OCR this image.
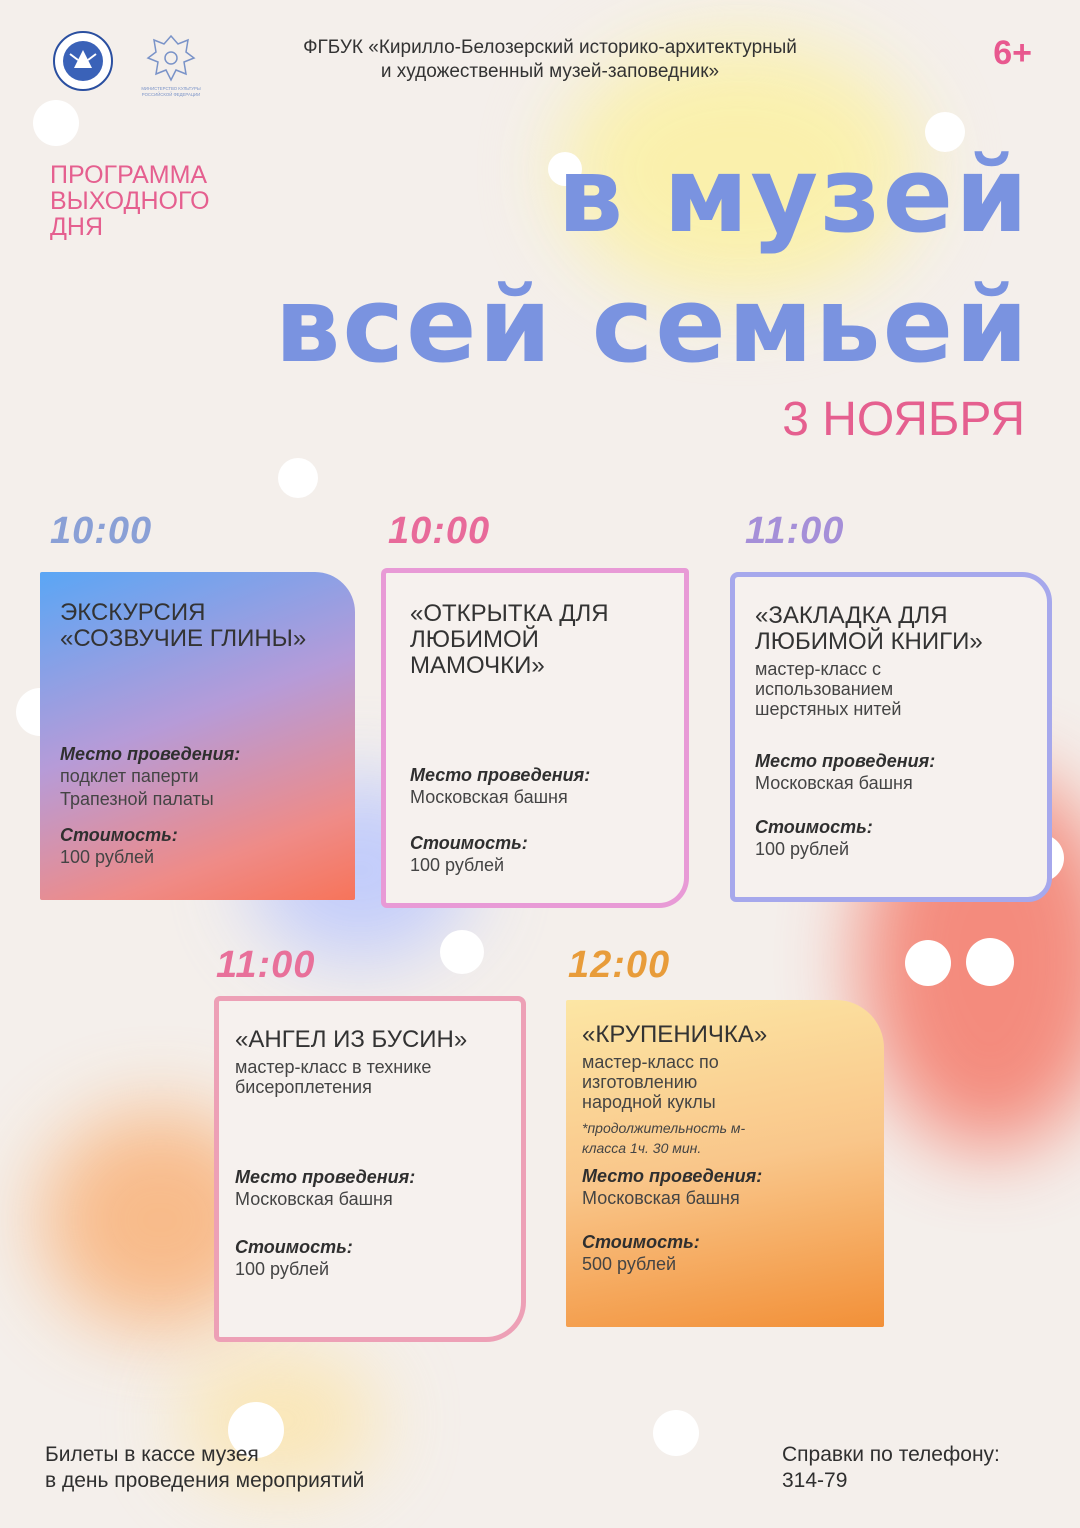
МИНИСТЕРСТВО КУЛЬТУРЫ
РОССИЙСКОЙ ФЕДЕРАЦИИ
ФГБУК «Кирилло-Белозерский историко-архитектурный
и художественный музей-заповедник»	6+
ПРОГРАММА
ВЫХОДНОГО
ДНЯ	в музей
всей семьей
3 НОЯБРЯ
10:00
ЭКСКУРСИЯ «СОЗВУЧИЕ ГЛИНЫ»
Место проведения:
подклет паперти Трапезной палаты
Стоимость:
100 рублей
10:00
«ОТКРЫТКА ДЛЯ ЛЮБИМОЙ МАМОЧКИ»
Место проведения:
Московская башня
Стоимость:
100 рублей
11:00
«ЗАКЛАДКА ДЛЯ ЛЮБИМОЙ КНИГИ»
мастер-класс с использованием шерстяных нитей
Место проведения:
Московская башня
Стоимость:
100 рублей
11:00
«АНГЕЛ ИЗ БУСИН»
мастер-класс в технике бисероплетения
Место проведения:
Московская башня
Стоимость:
100 рублей
12:00
«КРУПЕНИЧКА»
мастер-класс по изготовлению народной куклы
*продолжительность м-класса 1ч. 30 мин.
Место проведения:
Московская башня
Стоимость:
500 рублей
Билеты в кассе музея
в день проведения мероприятий
Справки по телефону:
314-79
